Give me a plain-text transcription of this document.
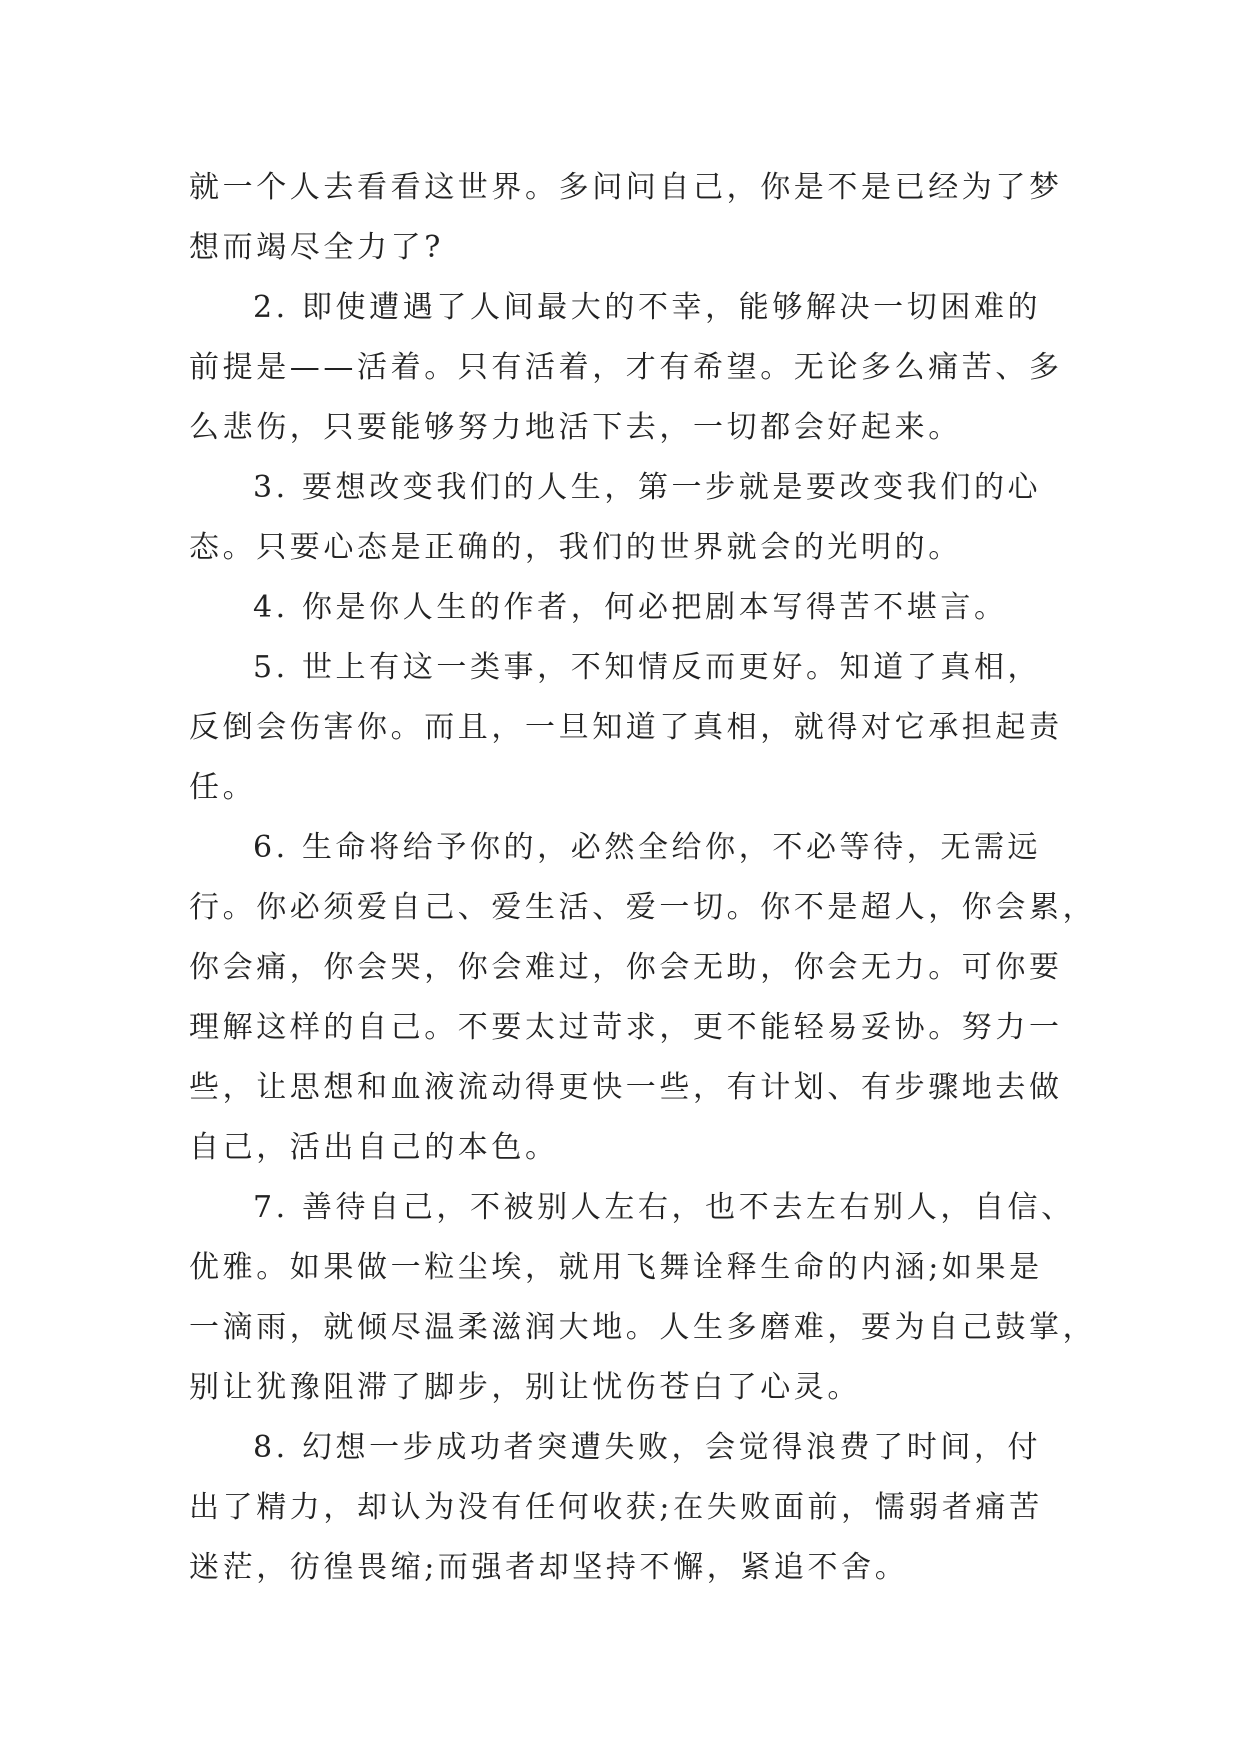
就一个人去看看这世界。多问问自己，你是不是已经为了梦
想而竭尽全力了?

2. 即使遭遇了人间最大的不幸，能够解决一切困难的
前提是——活着。只有活着，才有希望。无论多么痛苦、多
么悲伤，只要能够努力地活下去，一切都会好起来。

3. 要想改变我们的人生，第一步就是要改变我们的心
态。只要心态是正确的，我们的世界就会的光明的。

4. 你是你人生的作者，何必把剧本写得苦不堪言。

5. 世上有这一类事，不知情反而更好。知道了真相，
反倒会伤害你。而且，一旦知道了真相，就得对它承担起责
任。

6. 生命将给予你的，必然全给你，不必等待，无需远
行。你必须爱自己、爱生活、爱一切。你不是超人，你会累，
你会痛，你会哭，你会难过，你会无助，你会无力。可你要
理解这样的自己。不要太过苛求，更不能轻易妥协。努力一
些，让思想和血液流动得更快一些，有计划、有步骤地去做
自己，活出自己的本色。

7. 善待自己，不被别人左右，也不去左右别人，自信、
优雅。如果做一粒尘埃，就用飞舞诠释生命的内涵;如果是
一滴雨，就倾尽温柔滋润大地。人生多磨难，要为自己鼓掌，
别让犹豫阻滞了脚步，别让忧伤苍白了心灵。

8. 幻想一步成功者突遭失败，会觉得浪费了时间，付
出了精力，却认为没有任何收获;在失败面前，懦弱者痛苦
迷茫，彷徨畏缩;而强者却坚持不懈，紧追不舍。
